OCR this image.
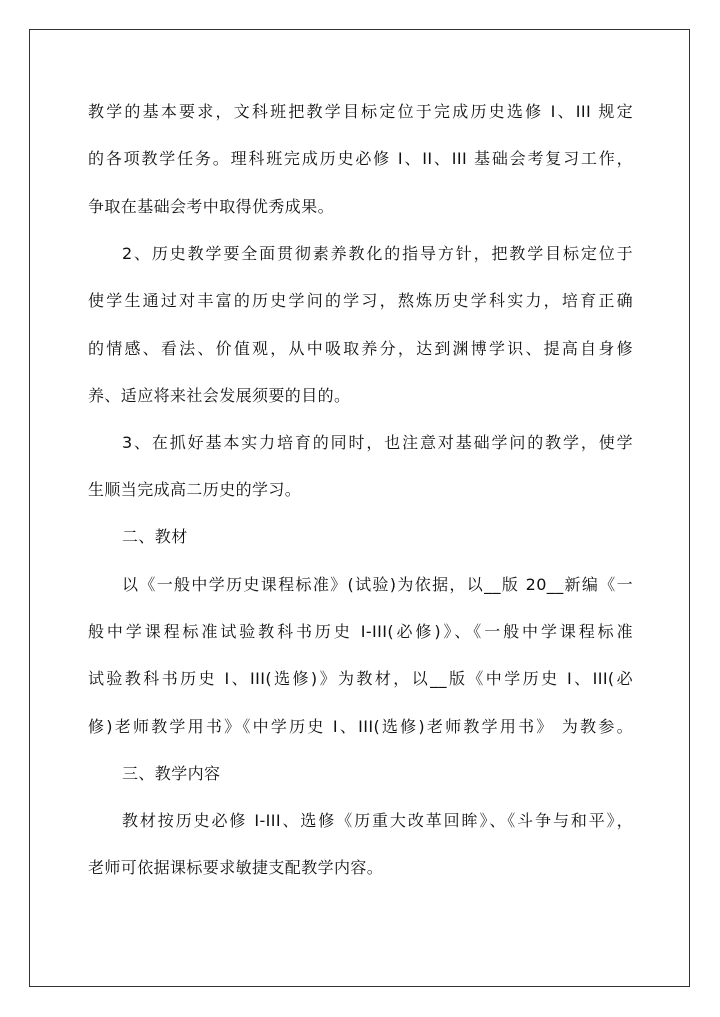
教学的基本要求，文科班把教学目标定位于完成历史选修 I、III 规定
的各项教学任务。理科班完成历史必修 I、II、III 基础会考复习工作，
争取在基础会考中取得优秀成果。
2、历史教学要全面贯彻素养教化的指导方针，把教学目标定位于
使学生通过对丰富的历史学问的学习，熬炼历史学科实力，培育正确
的情感、看法、价值观，从中吸取养分，达到渊博学识、提高自身修
养、适应将来社会发展须要的目的。
3、在抓好基本实力培育的同时，也注意对基础学问的教学，使学
生顺当完成高二历史的学习。
二、教材
以《一般中学历史课程标准》(试验)为依据，以__版 20__新编《一
般中学课程标准试验教科书历史 I-III(必修)》、《一般中学课程标准
试验教科书历史 I、III(选修)》为教材，以__版《中学历史 I、III(必
修)老师教学用书》《中学历史 I、III(选修)老师教学用书》 为教参。
三、教学内容
教材按历史必修 I-III、选修《历重大改革回眸》、《斗争与和平》，
老师可依据课标要求敏捷支配教学内容。
